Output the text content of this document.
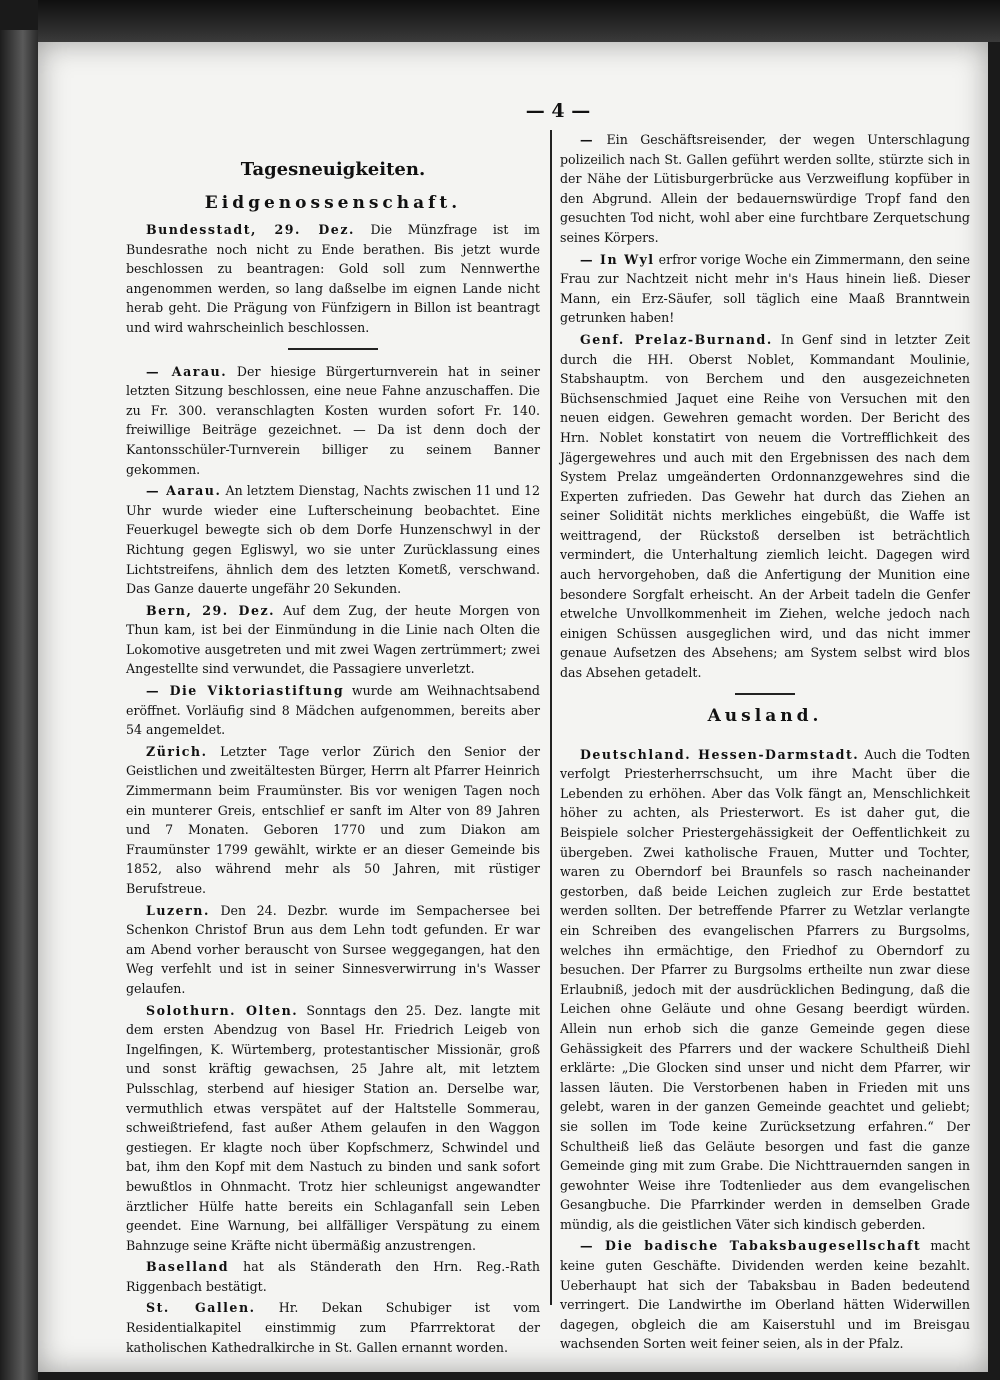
— 4 —
Tagesneuigkeiten.
Eidgenossenschaft.

Bundesstadt, 29. Dez. Die Münzfrage ist im Bundesrathe noch nicht zu Ende berathen. Bis jetzt wurde beschlossen zu beantragen: Gold soll zum Nennwerthe angenommen werden, so lang daßselbe im eignen Lande nicht herab geht. Die Prägung von Fünfzigern in Billon ist beantragt und wird wahrscheinlich beschlossen.

— Aarau. Der hiesige Bürgerturnverein hat in seiner letzten Sitzung beschlossen, eine neue Fahne anzuschaffen. Die zu Fr. 300. veranschlagten Kosten wurden sofort Fr. 140. freiwillige Beiträge gezeichnet. — Da ist denn doch der Kantonsschüler-Turnverein billiger zu seinem Banner gekommen.

— Aarau. An letztem Dienstag, Nachts zwischen 11 und 12 Uhr wurde wieder eine Lufterscheinung beobachtet. Eine Feuerkugel bewegte sich ob dem Dorfe Hunzenschwyl in der Richtung gegen Egliswyl, wo sie unter Zurücklassung eines Lichtstreifens, ähnlich dem des letzten Kometß, verschwand. Das Ganze dauerte ungefähr 20 Sekunden.

Bern, 29. Dez. Auf dem Zug, der heute Morgen von Thun kam, ist bei der Einmündung in die Linie nach Olten die Lokomotive ausgetreten und mit zwei Wagen zertrümmert; zwei Angestellte sind verwundet, die Passagiere unverletzt.

— Die Viktoriastiftung wurde am Weihnachtsabend eröffnet. Vorläufig sind 8 Mädchen aufgenommen, bereits aber 54 angemeldet.

Zürich. Letzter Tage verlor Zürich den Senior der Geistlichen und zweitältesten Bürger, Herrn alt Pfarrer Heinrich Zimmermann beim Fraumünster. Bis vor wenigen Tagen noch ein munterer Greis, entschlief er sanft im Alter von 89 Jahren und 7 Monaten. Geboren 1770 und zum Diakon am Fraumünster 1799 gewählt, wirkte er an dieser Gemeinde bis 1852, also während mehr als 50 Jahren, mit rüstiger Berufstreue.

Luzern. Den 24. Dezbr. wurde im Sempachersee bei Schenkon Christof Brun aus dem Lehn todt gefunden. Er war am Abend vorher berauscht von Sursee weggegangen, hat den Weg verfehlt und ist in seiner Sinnesverwirrung in's Wasser gelaufen.

Solothurn. Olten. Sonntags den 25. Dez. langte mit dem ersten Abendzug von Basel Hr. Friedrich Leigeb von Ingelfingen, K. Würtemberg, protestantischer Missionär, groß und sonst kräftig gewachsen, 25 Jahre alt, mit letztem Pulsschlag, sterbend auf hiesiger Station an. Derselbe war, vermuthlich etwas verspätet auf der Haltstelle Sommerau, schweißtriefend, fast außer Athem gelaufen in den Waggon gestiegen. Er klagte noch über Kopfschmerz, Schwindel und bat, ihm den Kopf mit dem Nastuch zu binden und sank sofort bewußtlos in Ohnmacht. Trotz hier schleunigst angewandter ärztlicher Hülfe hatte bereits ein Schlaganfall sein Leben geendet. Eine Warnung, bei allfälliger Verspätung zu einem Bahnzuge seine Kräfte nicht übermäßig anzustrengen.

Baselland hat als Ständerath den Hrn. Reg.-Rath Riggenbach bestätigt.

St. Gallen. Hr. Dekan Schubiger ist vom Residentialkapitel einstimmig zum Pfarrrektorat der katholischen Kathedralkirche in St. Gallen ernannt worden.

— Ein Geschäftsreisender, der wegen Unterschlagung polizeilich nach St. Gallen geführt werden sollte, stürzte sich in der Nähe der Lütisburgerbrücke aus Verzweiflung kopfüber in den Abgrund. Allein der bedauernswürdige Tropf fand den gesuchten Tod nicht, wohl aber eine furchtbare Zerquetschung seines Körpers.

— In Wyl erfror vorige Woche ein Zimmermann, den seine Frau zur Nachtzeit nicht mehr in's Haus hinein ließ. Dieser Mann, ein Erz-Säufer, soll täglich eine Maaß Branntwein getrunken haben!

Genf. Prelaz-Burnand. In Genf sind in letzter Zeit durch die HH. Oberst Noblet, Kommandant Moulinie, Stabshauptm. von Berchem und den ausgezeichneten Büchsenschmied Jaquet eine Reihe von Versuchen mit den neuen eidgen. Gewehren gemacht worden. Der Bericht des Hrn. Noblet konstatirt von neuem die Vortrefflichkeit des Jägergewehres und auch mit den Ergebnissen des nach dem System Prelaz umgeänderten Ordonnanzgewehres sind die Experten zufrieden. Das Gewehr hat durch das Ziehen an seiner Solidität nichts merkliches eingebüßt, die Waffe ist weittragend, der Rückstoß derselben ist beträchtlich vermindert, die Unterhaltung ziemlich leicht. Dagegen wird auch hervorgehoben, daß die Anfertigung der Munition eine besondere Sorgfalt erheischt. An der Arbeit tadeln die Genfer etwelche Unvollkommenheit im Ziehen, welche jedoch nach einigen Schüssen ausgeglichen wird, und das nicht immer genaue Aufsetzen des Absehens; am System selbst wird blos das Absehen getadelt.

Ausland.

Deutschland. Hessen-Darmstadt. Auch die Todten verfolgt Priesterherrschsucht, um ihre Macht über die Lebenden zu erhöhen. Aber das Volk fängt an, Menschlichkeit höher zu achten, als Priesterwort. Es ist daher gut, die Beispiele solcher Priestergehässigkeit der Oeffentlichkeit zu übergeben. Zwei katholische Frauen, Mutter und Tochter, waren zu Oberndorf bei Braunfels so rasch nacheinander gestorben, daß beide Leichen zugleich zur Erde bestattet werden sollten. Der betreffende Pfarrer zu Wetzlar verlangte ein Schreiben des evangelischen Pfarrers zu Burgsolms, welches ihn ermächtige, den Friedhof zu Oberndorf zu besuchen. Der Pfarrer zu Burgsolms ertheilte nun zwar diese Erlaubniß, jedoch mit der ausdrücklichen Bedingung, daß die Leichen ohne Geläute und ohne Gesang beerdigt würden. Allein nun erhob sich die ganze Gemeinde gegen diese Gehässigkeit des Pfarrers und der wackere Schultheiß Diehl erklärte: „Die Glocken sind unser und nicht dem Pfarrer, wir lassen läuten. Die Verstorbenen haben in Frieden mit uns gelebt, waren in der ganzen Gemeinde geachtet und geliebt; sie sollen im Tode keine Zurücksetzung erfahren.“ Der Schultheiß ließ das Geläute besorgen und fast die ganze Gemeinde ging mit zum Grabe. Die Nichttrauernden sangen in gewohnter Weise ihre Todtenlieder aus dem evangelischen Gesangbuche. Die Pfarrkinder werden in demselben Grade mündig, als die geistlichen Väter sich kindisch geberden.

— Die badische Tabaksbaugesellschaft macht keine guten Geschäfte. Dividenden werden keine bezahlt. Ueberhaupt hat sich der Tabaksbau in Baden bedeutend verringert. Die Landwirthe im Oberland hätten Widerwillen dagegen, obgleich die am Kaiserstuhl und im Breisgau wachsenden Sorten weit feiner seien, als in der Pfalz.
